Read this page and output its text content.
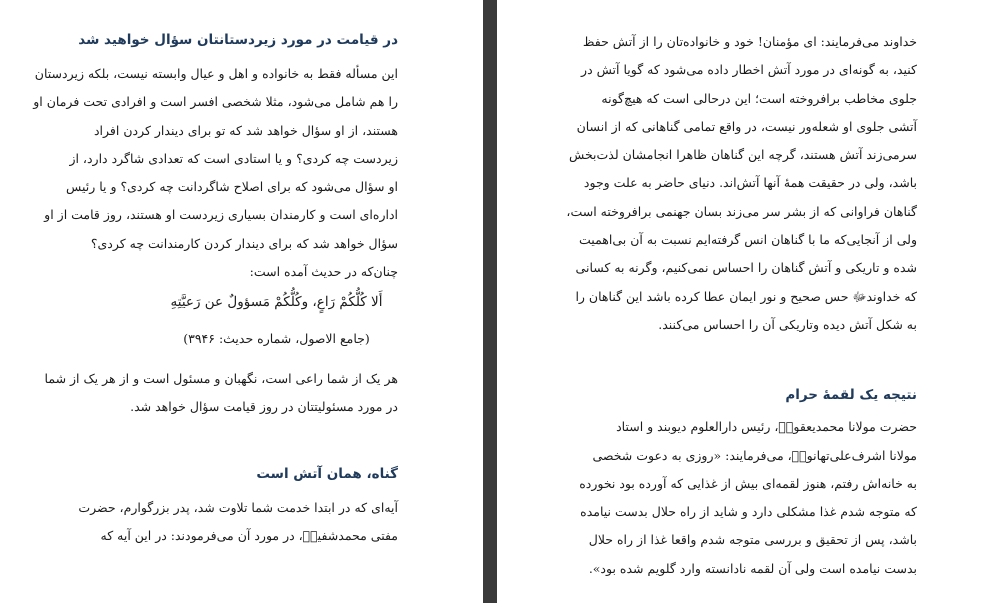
در قیامت در مورد زیردستانتان سؤال خواهید شد
این مسأله فقط به خانواده و اهل و عیال وابسته نیست، بلکه زیردستان
را هم شامل می‌شود، مثلا شخصی افسر است و افرادی تحت فرمان او
هستند، از او سؤال خواهد شد که تو برای دیندار کردن افراد
زیردست چه کردی؟ و یا استادی است که تعدادی شاگرد دارد، از
او سؤال می‌شود که برای اصلاح شاگردانت چه کردی؟ و یا رئیس
اداره‌ای است و کارمندان بسیاری زیردست او هستند، روز قامت از او
سؤال خواهد شد که برای دیندار کردن کارمندانت چه کردی؟
چنان‌که در حدیث آمده است:
أَلا كُلُّكُمْ رَاعٍ، وكُلُّكُمْ مَسؤولٌ عن رَعيَّتِهِ
(جامع الاصول، شماره حدیث: ۳۹۴۶)
هر یک از شما راعی است، نگهبان و مسئول است و از هر یک از شما
در مورد مسئولیتتان در روز قیامت سؤال خواهد شد.
گناه، همان آتش است
آیه‌ای که در ابتدا خدمت شما تلاوت شد، پدر بزرگوارم، حضرت
مفتی محمدشفیعؒ، در مورد آن می‌فرمودند: در این آیه که
خداوند می‌فرمایند: ای مؤمنان! خود و خانواده‌تان را از آتش حفظ
کنید، به گونه‌ای در مورد آتش اخطار داده می‌شود که گویا آتش در
جلوی مخاطب برافروخته است؛ این درحالی است که هیچ‌گونه
آتشی جلوی او شعله‌ور نیست، در واقع تمامی گناهانی که از انسان
سرمی‌زند آتش هستند، گرچه این گناهان ظاهرا انجامشان لذت‌بخش
باشد، ولی در حقیقت همهٔ آنها آتش‌اند. دنیای حاضر به علت وجود
گناهان فراوانی که از بشر سر می‌زند بسان جهنمی برافروخته است،
ولی از آنجایی‌که ما با گناهان انس گرفته‌ایم نسبت به آن بی‌اهمیت
شده و تاریکی و آتش گناهان را احساس نمی‌کنیم، وگرنه به کسانی
که خداوندﷻ حس صحیح و نور ایمان عطا کرده باشد این گناهان را
به شکل آتش دیده وتاریکی آن را احساس می‌کنند.
نتیجه یک لقمهٔ حرام
حضرت مولانا محمدیعقوبؒ، رئیس دارالعلوم دیوبند و استاد
مولانا اشرف‌علی‌تهانویؒ، می‌فرمایند: «روزی به دعوت شخصی
به خانه‌اش رفتم، هنوز لقمه‌ای بیش از غذایی که آورده بود نخورده
که متوجه شدم غذا مشکلی دارد و شاید از راه حلال بدست نیامده
باشد، پس از تحقیق و بررسی متوجه شدم واقعا غذا از راه حلال
بدست نیامده است ولی آن لقمه نادانسته وارد گلویم شده بود».
